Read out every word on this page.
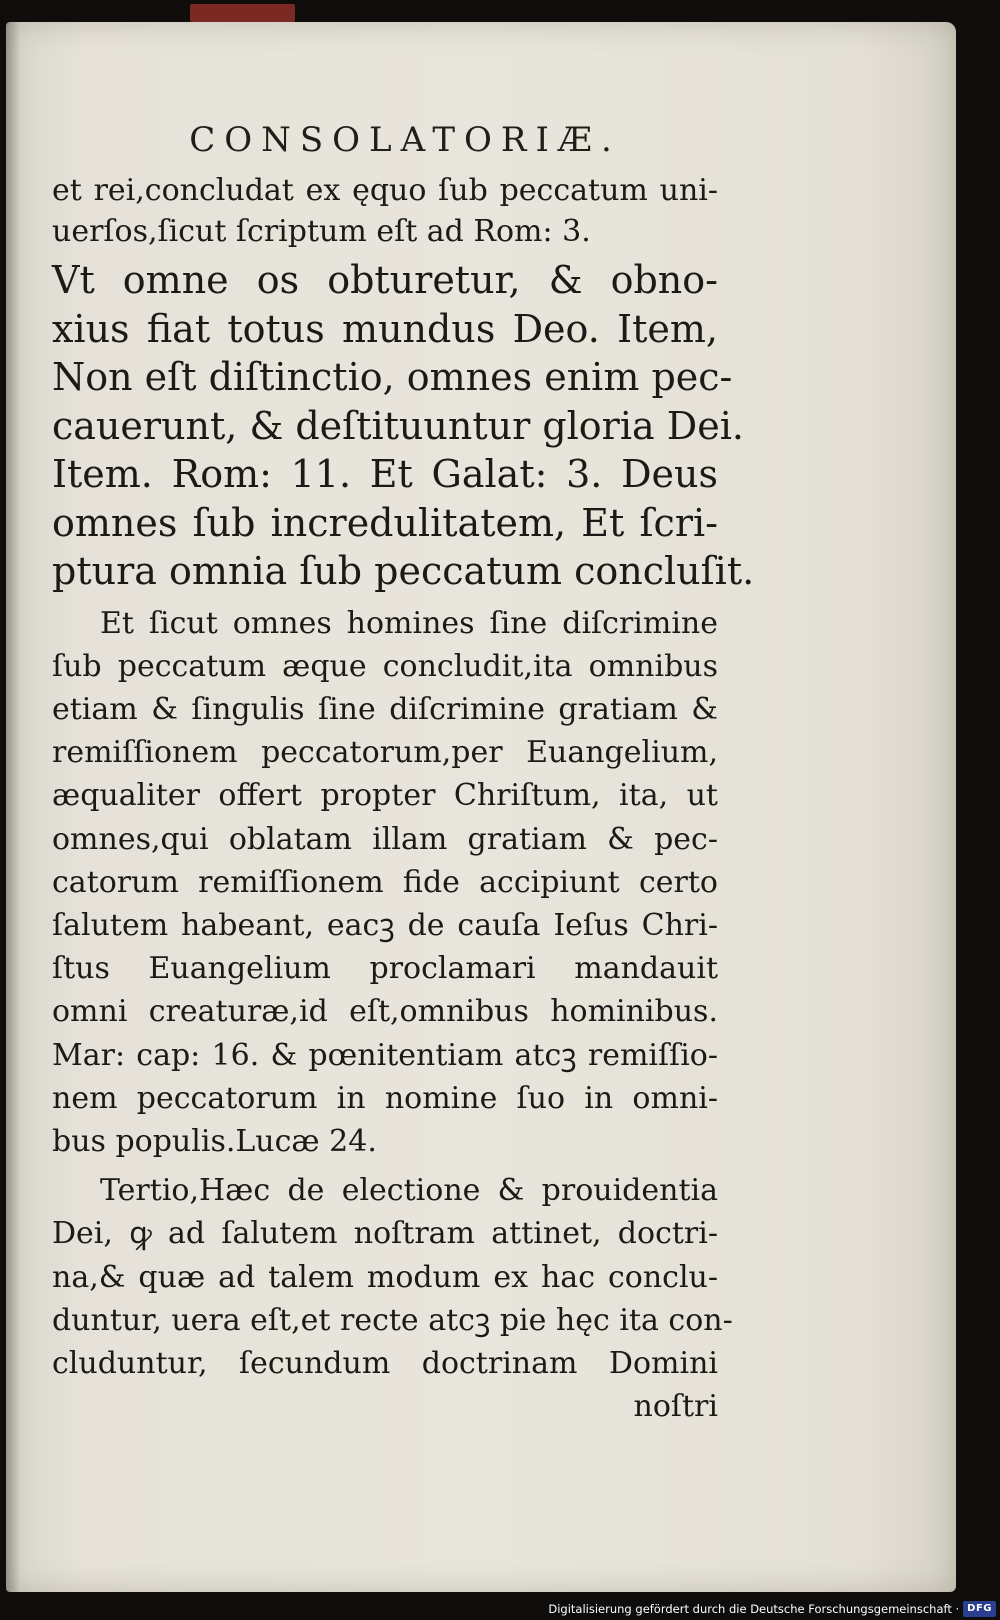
CONSOLATORIÆ.
et rei,concludat ex ęquo ſub peccatum uni-
uerſos,ſicut ſcriptum eſt ad Rom: 3.
Vt omne os obturetur, & obno-
xius fiat totus mundus Deo. Item,
Non eſt diſtinctio, omnes enim pec-
cauerunt, & deſtituuntur gloria Dei.
Item. Rom: 11. Et Galat: 3. Deus
omnes ſub incredulitatem, Et ſcri-
ptura omnia ſub peccatum concluſit.
Et ſicut omnes homines ſine diſcrimine
ſub peccatum æque concludit,ita omnibus
etiam & ſingulis ſine diſcrimine gratiam &
remiſſionem peccatorum,per Euangelium,
æqualiter offert propter Chriſtum, ita, ut
omnes,qui oblatam illam gratiam & pec-
catorum remiſſionem fide accipiunt certo
ſalutem habeant, eacꝫ de cauſa Ieſus Chri-
ſtus Euangelium proclamari mandauit
omni creaturæ,id eſt,omnibus hominibus.
Mar: cap: 16. & pœnitentiam atcꝫ remiſſio-
nem peccatorum in nomine ſuo in omni-
bus populis.Lucæ 24.
Tertio,Hæc de electione & prouidentia
Dei, ꝙ ad ſalutem noſtram attinet, doctri-
na,& quæ ad talem modum ex hac conclu-
duntur, uera eſt,et recte atcꝫ pie hęc ita con-
cluduntur, ſecundum doctrinam Domini
noſtri
Digitalisierung gefördert durch die Deutsche Forschungsgemeinschaft · DFG
